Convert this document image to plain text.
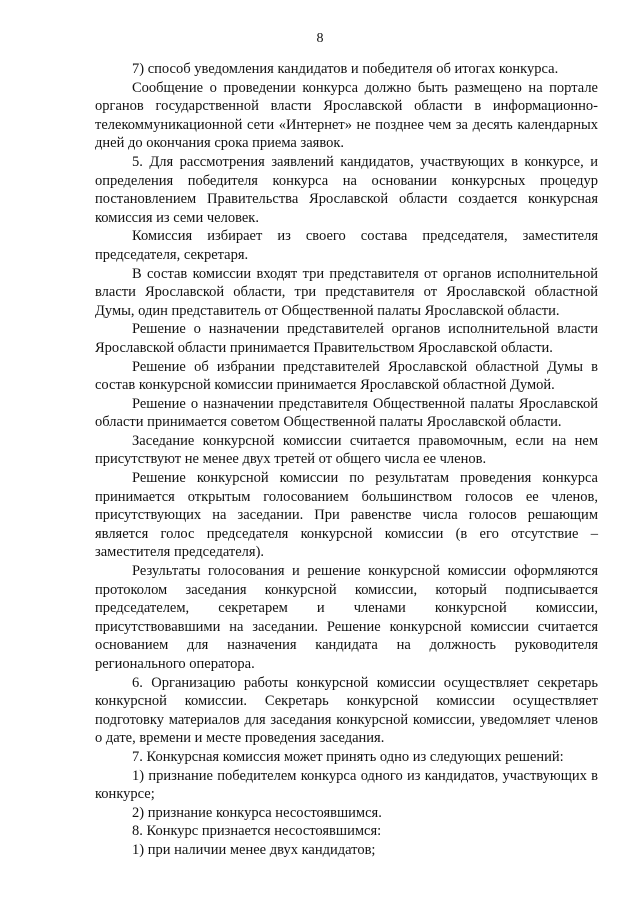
8

7) способ уведомления кандидатов и победителя об итогах конкурса.

Сообщение о проведении конкурса должно быть размещено на портале органов государственной власти Ярославской области в информационно-телекоммуникационной сети «Интернет» не позднее чем за десять календарных дней до окончания срока приема заявок.

5. Для рассмотрения заявлений кандидатов, участвующих в конкурсе, и определения победителя конкурса на основании конкурсных процедур постановлением Правительства Ярославской области создается конкурсная комиссия из семи человек.

Комиссия избирает из своего состава председателя, заместителя председателя, секретаря.

В состав комиссии входят три представителя от органов исполнительной власти Ярославской области, три представителя от Ярославской областной Думы, один представитель от Общественной палаты Ярославской области.

Решение о назначении представителей органов исполнительной власти Ярославской области принимается Правительством Ярославской области.

Решение об избрании представителей Ярославской областной Думы в состав конкурсной комиссии принимается Ярославской областной Думой.

Решение о назначении представителя Общественной палаты Ярославской области принимается советом Общественной палаты Ярославской области.

Заседание конкурсной комиссии считается правомочным, если на нем присутствуют не менее двух третей от общего числа ее членов.

Решение конкурсной комиссии по результатам проведения конкурса принимается открытым голосованием большинством голосов ее членов, присутствующих на заседании. При равенстве числа голосов решающим является голос председателя конкурсной комиссии (в его отсутствие – заместителя председателя).

Результаты голосования и решение конкурсной комиссии оформляются протоколом заседания конкурсной комиссии, который подписывается председателем, секретарем и членами конкурсной комиссии, присутствовавшими на заседании. Решение конкурсной комиссии считается основанием для назначения кандидата на должность руководителя регионального оператора.

6. Организацию работы конкурсной комиссии осуществляет секретарь конкурсной комиссии. Секретарь конкурсной комиссии осуществляет подготовку материалов для заседания конкурсной комиссии, уведомляет членов о дате, времени и месте проведения заседания.

7. Конкурсная комиссия может принять одно из следующих решений:

1) признание победителем конкурса одного из кандидатов, участвующих в конкурсе;

2) признание конкурса несостоявшимся.

8. Конкурс признается несостоявшимся:

1) при наличии менее двух кандидатов;
